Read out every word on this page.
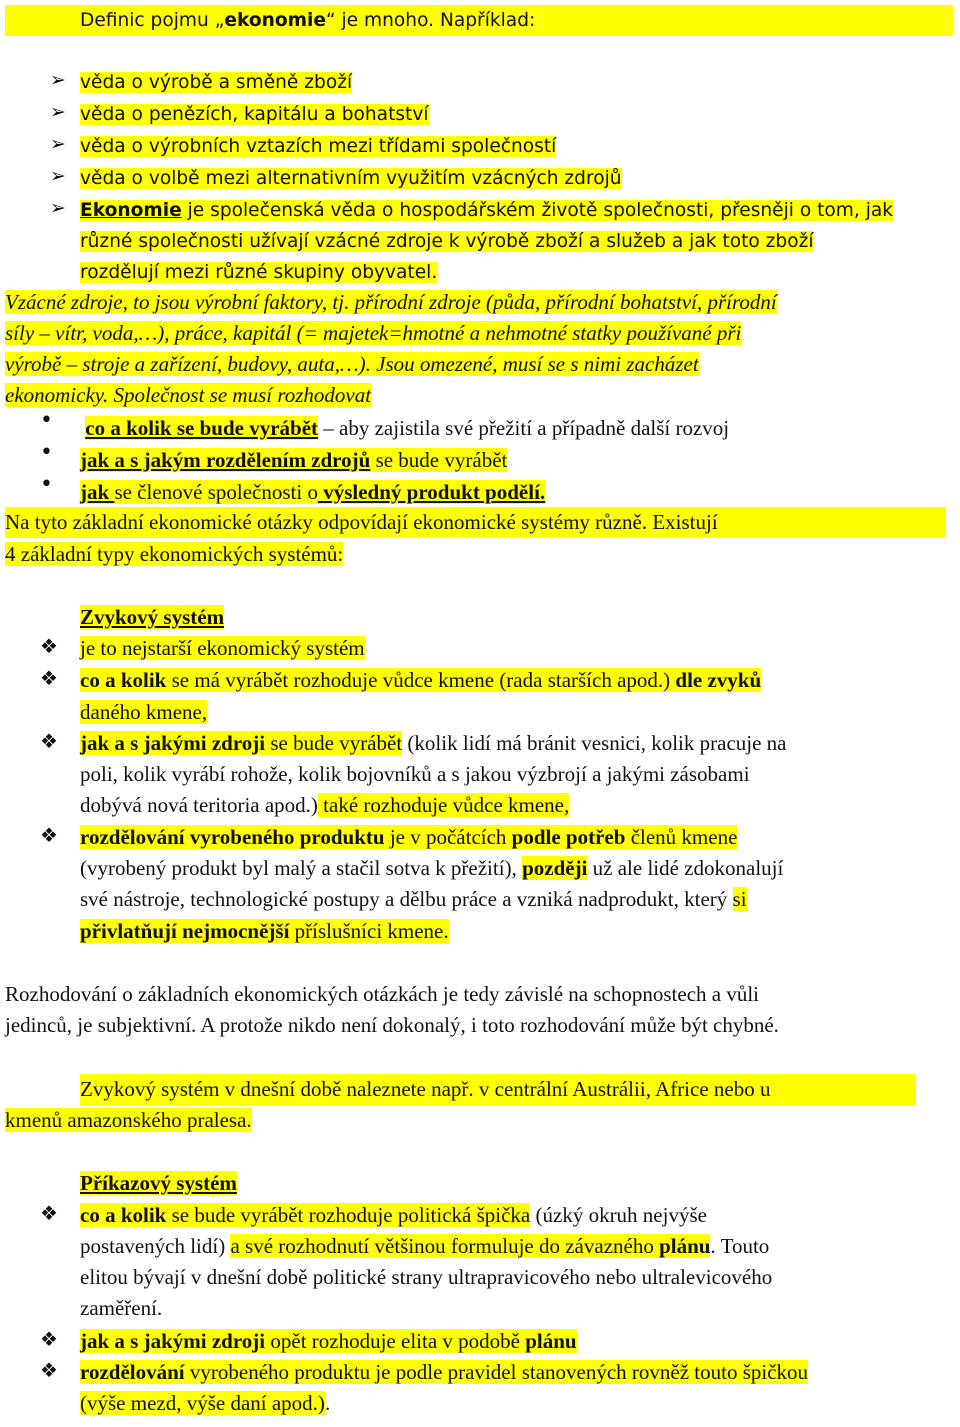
Definic pojmu „ekonomie“ je mnoho. Například:
➢ věda o výrobě a směně zboží
➢ věda o penězích, kapitálu a bohatství
➢ věda o výrobních vztazích mezi třídami společností
➢ věda o volbě mezi alternativním využitím vzácných zdrojů
➢ Ekonomie je společenská věda o hospodářském životě společnosti, přesněji o tom, jak
různé společnosti užívají vzácné zdroje k výrobě zboží a služeb a jak toto zboží
rozdělují mezi různé skupiny obyvatel.
Vzácné zdroje, to jsou výrobní faktory, tj. přírodní zdroje (půda, přírodní bohatství, přírodní
síly – vítr, voda,…), práce, kapitál (= majetek=hmotné a nehmotné statky používané při
výrobě – stroje a zařízení, budovy, auta,…). Jsou omezené, musí se s nimi zacházet
ekonomicky. Společnost se musí rozhodovat
• co a kolik se bude vyrábět – aby zajistila své přežití a případně další rozvoj
• jak a s jakým rozdělením zdrojů se bude vyrábět
• jak se členové společnosti o výsledný produkt podělí.
Na tyto základní ekonomické otázky odpovídají ekonomické systémy různě. Existují
4 základní typy ekonomických systémů:
Zvykový systém
❖ je to nejstarší ekonomický systém
❖ co a kolik se má vyrábět rozhoduje vůdce kmene (rada starších apod.) dle zvyků
daného kmene,
❖ jak a s jakými zdroji se bude vyrábět (kolik lidí má bránit vesnici, kolik pracuje na
poli, kolik vyrábí rohože, kolik bojovníků a s jakou výzbrojí a jakými zásobami
dobývá nová teritoria apod.) také rozhoduje vůdce kmene,
❖ rozdělování vyrobeného produktu je v počátcích podle potřeb členů kmene
(vyrobený produkt byl malý a stačil sotva k přežití), později už ale lidé zdokonalují
své nástroje, technologické postupy a dělbu práce a vzniká nadprodukt, který si
přivlatňují nejmocnější příslušníci kmene.
Rozhodování o základních ekonomických otázkách je tedy závislé na schopnostech a vůli
jedinců, je subjektivní. A protože nikdo není dokonalý, i toto rozhodování může být chybné.
Zvykový systém v dnešní době naleznete např. v centrální Austrálii, Africe nebo u
kmenů amazonského pralesa.
Příkazový systém
❖ co a kolik se bude vyrábět rozhoduje politická špička (úzký okruh nejvýše
postavených lidí) a své rozhodnutí většinou formuluje do závazného plánu. Touto
elitou bývají v dnešní době politické strany ultrapravicového nebo ultralevicového
zaměření.
❖ jak a s jakými zdroji opět rozhoduje elita v podobě plánu
❖ rozdělování vyrobeného produktu je podle pravidel stanovených rovněž touto špičkou
(výše mezd, výše daní apod.).
